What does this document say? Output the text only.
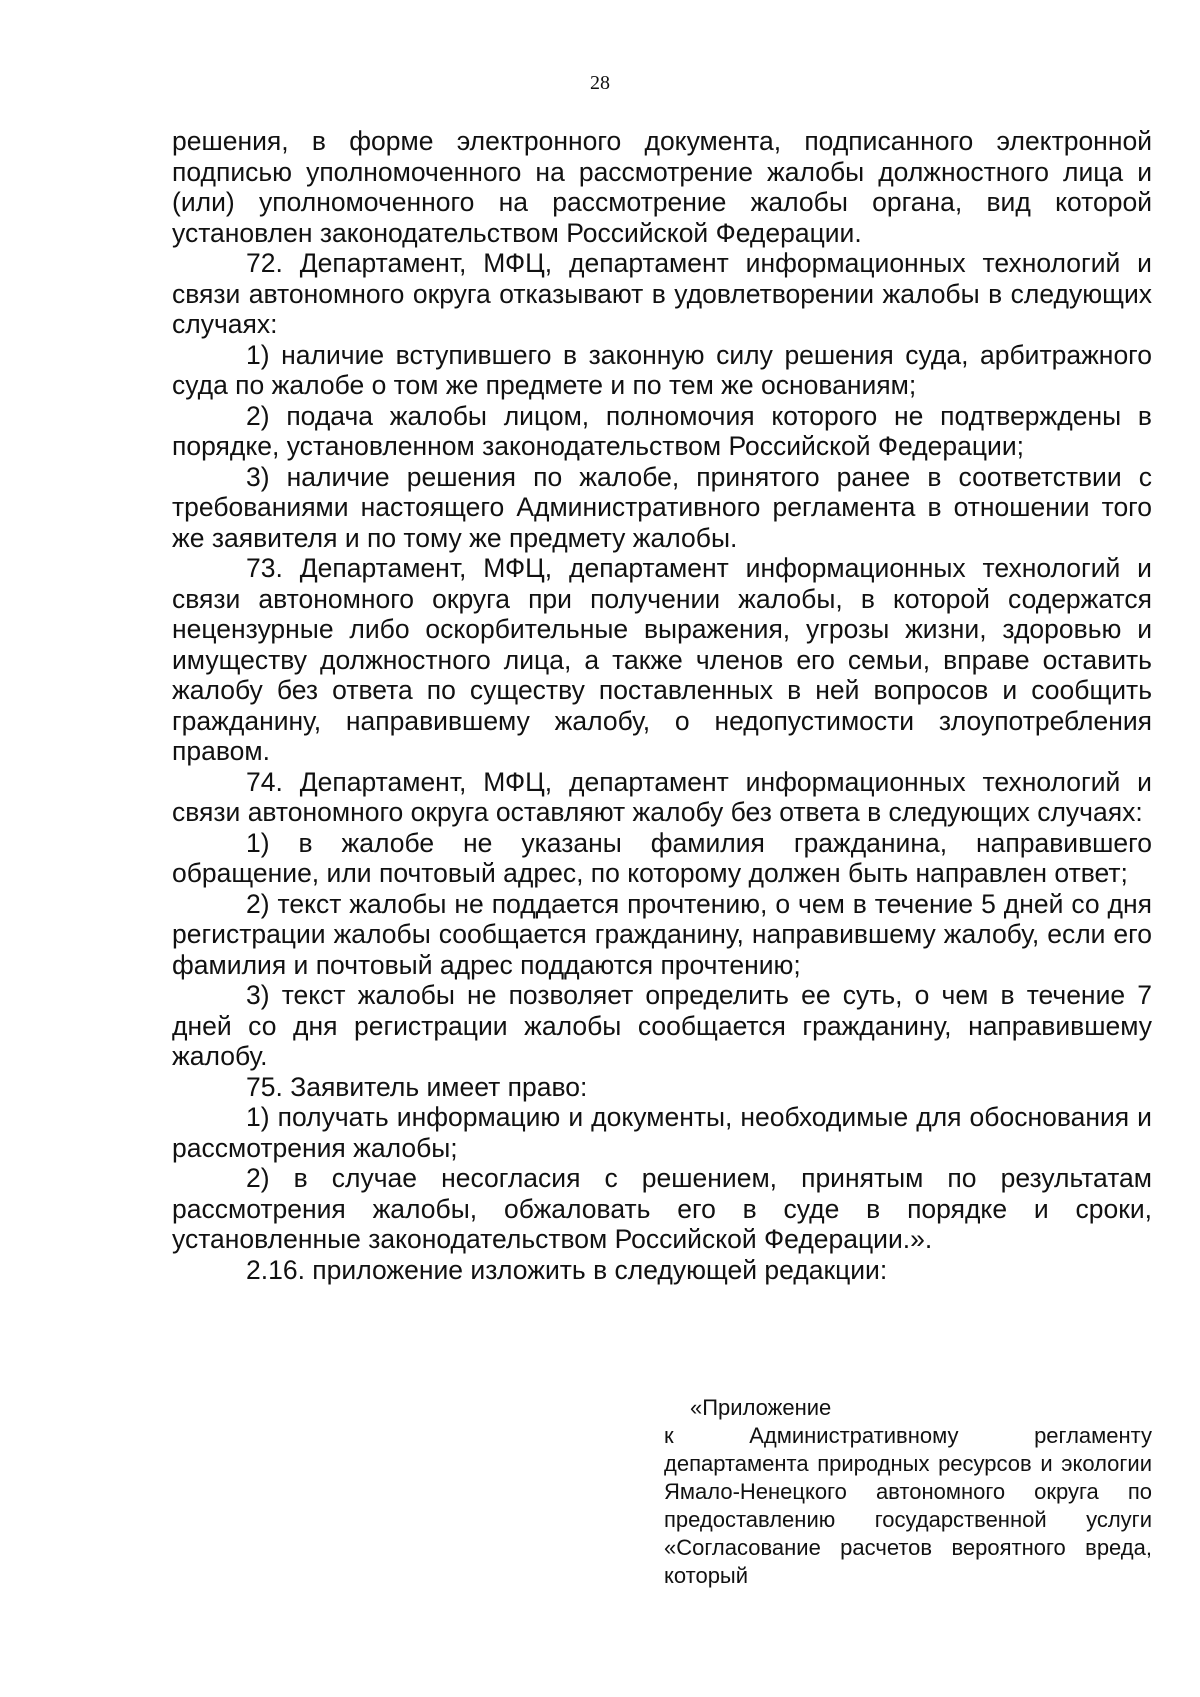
28

решения, в форме электронного документа, подписанного электронной подписью уполномоченного на рассмотрение жалобы должностного лица и (или) уполномоченного на рассмотрение жалобы органа, вид которой установлен законодательством Российской Федерации.

72. Департамент, МФЦ, департамент информационных технологий и связи автономного округа отказывают в удовлетворении жалобы в следующих случаях:

1) наличие вступившего в законную силу решения суда, арбитражного суда по жалобе о том же предмете и по тем же основаниям;

2) подача жалобы лицом, полномочия которого не подтверждены в порядке, установленном законодательством Российской Федерации;

3) наличие решения по жалобе, принятого ранее в соответствии с требованиями настоящего Административного регламента в отношении того же заявителя и по тому же предмету жалобы.

73. Департамент, МФЦ, департамент информационных технологий и связи автономного округа при получении жалобы, в которой содержатся нецензурные либо оскорбительные выражения, угрозы жизни, здоровью и имуществу должностного лица, а также членов его семьи, вправе оставить жалобу без ответа по существу поставленных в ней вопросов и сообщить гражданину, направившему жалобу, о недопустимости злоупотребления правом.

74. Департамент, МФЦ, департамент информационных технологий и связи автономного округа оставляют жалобу без ответа в следующих случаях:

1) в жалобе не указаны фамилия гражданина, направившего обращение, или почтовый адрес, по которому должен быть направлен ответ;

2) текст жалобы не поддается прочтению, о чем в течение 5 дней со дня регистрации жалобы сообщается гражданину, направившему жалобу, если его фамилия и почтовый адрес поддаются прочтению;

3) текст жалобы не позволяет определить ее суть, о чем в течение 7 дней со дня регистрации жалобы сообщается гражданину, направившему жалобу.

75. Заявитель имеет право:

1) получать информацию и документы, необходимые для обоснования и рассмотрения жалобы;

2) в случае несогласия с решением, принятым по результатам рассмотрения жалобы, обжаловать его в суде в порядке и сроки, установленные законодательством Российской Федерации.».

2.16. приложение изложить в следующей редакции:

«Приложение
к Административному регламенту департамента природных ресурсов и экологии Ямало-Ненецкого автономного округа по предоставлению государственной услуги «Согласование расчетов вероятного вреда, который
